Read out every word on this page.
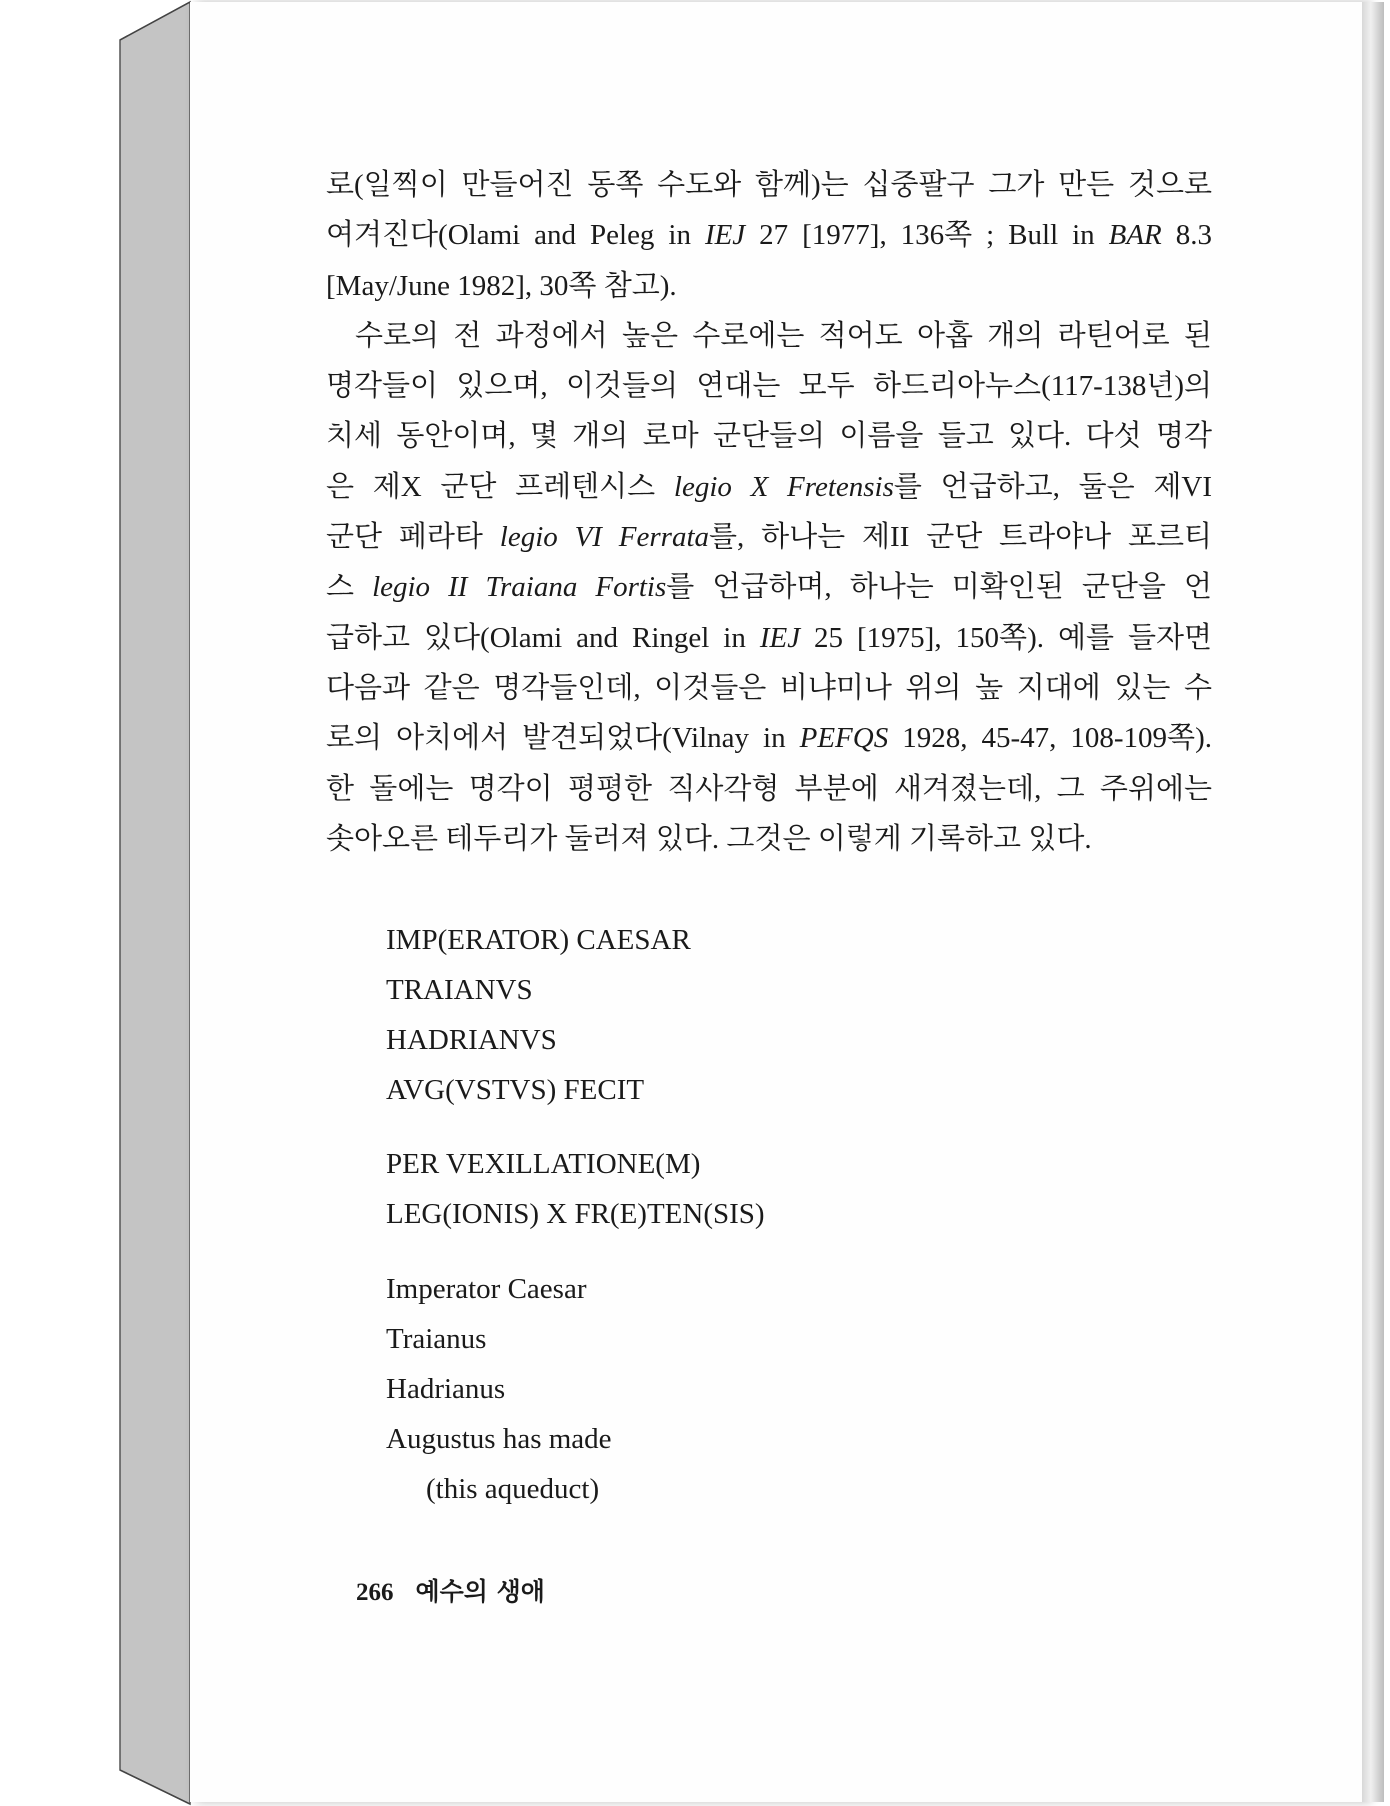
로(일찍이 만들어진 동쪽 수도와 함께)는 십중팔구 그가 만든 것으로
여겨진다(Olami and Peleg in IEJ 27 [1977], 136쪽 ; Bull in BAR 8.3
[May/June 1982], 30쪽 참고).

수로의 전 과정에서 높은 수로에는 적어도 아홉 개의 라틴어로 된
명각들이 있으며, 이것들의 연대는 모두 하드리아누스(117-138년)의
치세 동안이며, 몇 개의 로마 군단들의 이름을 들고 있다. 다섯 명각
은 제X 군단 프레텐시스 legio X Fretensis를 언급하고, 둘은 제VI
군단 페라타 legio VI Ferrata를, 하나는 제II 군단 트라야나 포르티
스 legio II Traiana Fortis를 언급하며, 하나는 미확인된 군단을 언
급하고 있다(Olami and Ringel in IEJ 25 [1975], 150쪽). 예를 들자면
다음과 같은 명각들인데, 이것들은 비냐미나 위의 높 지대에 있는 수
로의 아치에서 발견되었다(Vilnay in PEFQS 1928, 45-47, 108-109쪽).
한 돌에는 명각이 평평한 직사각형 부분에 새겨졌는데, 그 주위에는
솟아오른 테두리가 둘러져 있다. 그것은 이렇게 기록하고 있다.

IMP(ERATOR) CAESAR
TRAIANVS
HADRIANVS
AVG(VSTVS) FECIT
PER VEXILLATIONE(M)
LEG(IONIS) X FR(E)TEN(SIS)
Imperator Caesar
Traianus
Hadrianus
Augustus has made
(this aqueduct)
266 예수의 생애
